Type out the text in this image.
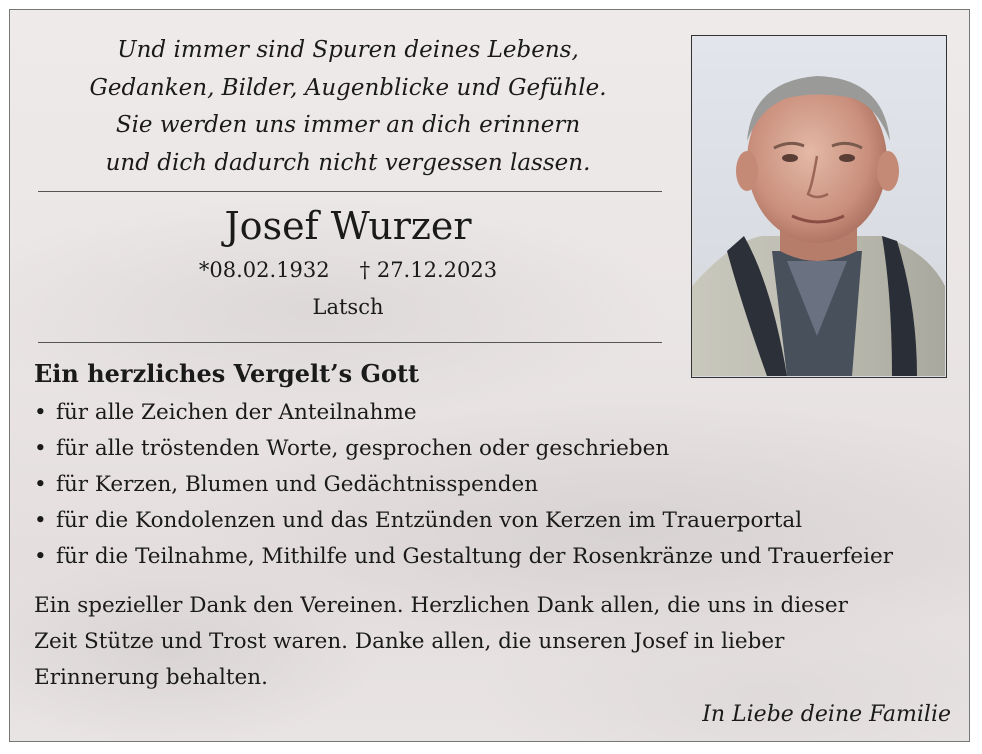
Und immer sind Spuren deines Lebens,
Gedanken, Bilder, Augenblicke und Gefühle.
Sie werden uns immer an dich erinnern
und dich dadurch nicht vergessen lassen.
Josef Wurzer
*08.02.1932 † 27.12.2023
Latsch
Ein herzliches Vergelt’s Gott
• für alle Zeichen der Anteilnahme
• für alle tröstenden Worte, gesprochen oder geschrieben
• für Kerzen, Blumen und Gedächtnisspenden
• für die Kondolenzen und das Entzünden von Kerzen im Trauerportal
• für die Teilnahme, Mithilfe und Gestaltung der Rosenkränze und Trauerfeier
Ein spezieller Dank den Vereinen. Herzlichen Dank allen, die uns in dieser
Zeit Stütze und Trost waren. Danke allen, die unseren Josef in lieber
Erinnerung behalten.
In Liebe deine Familie
